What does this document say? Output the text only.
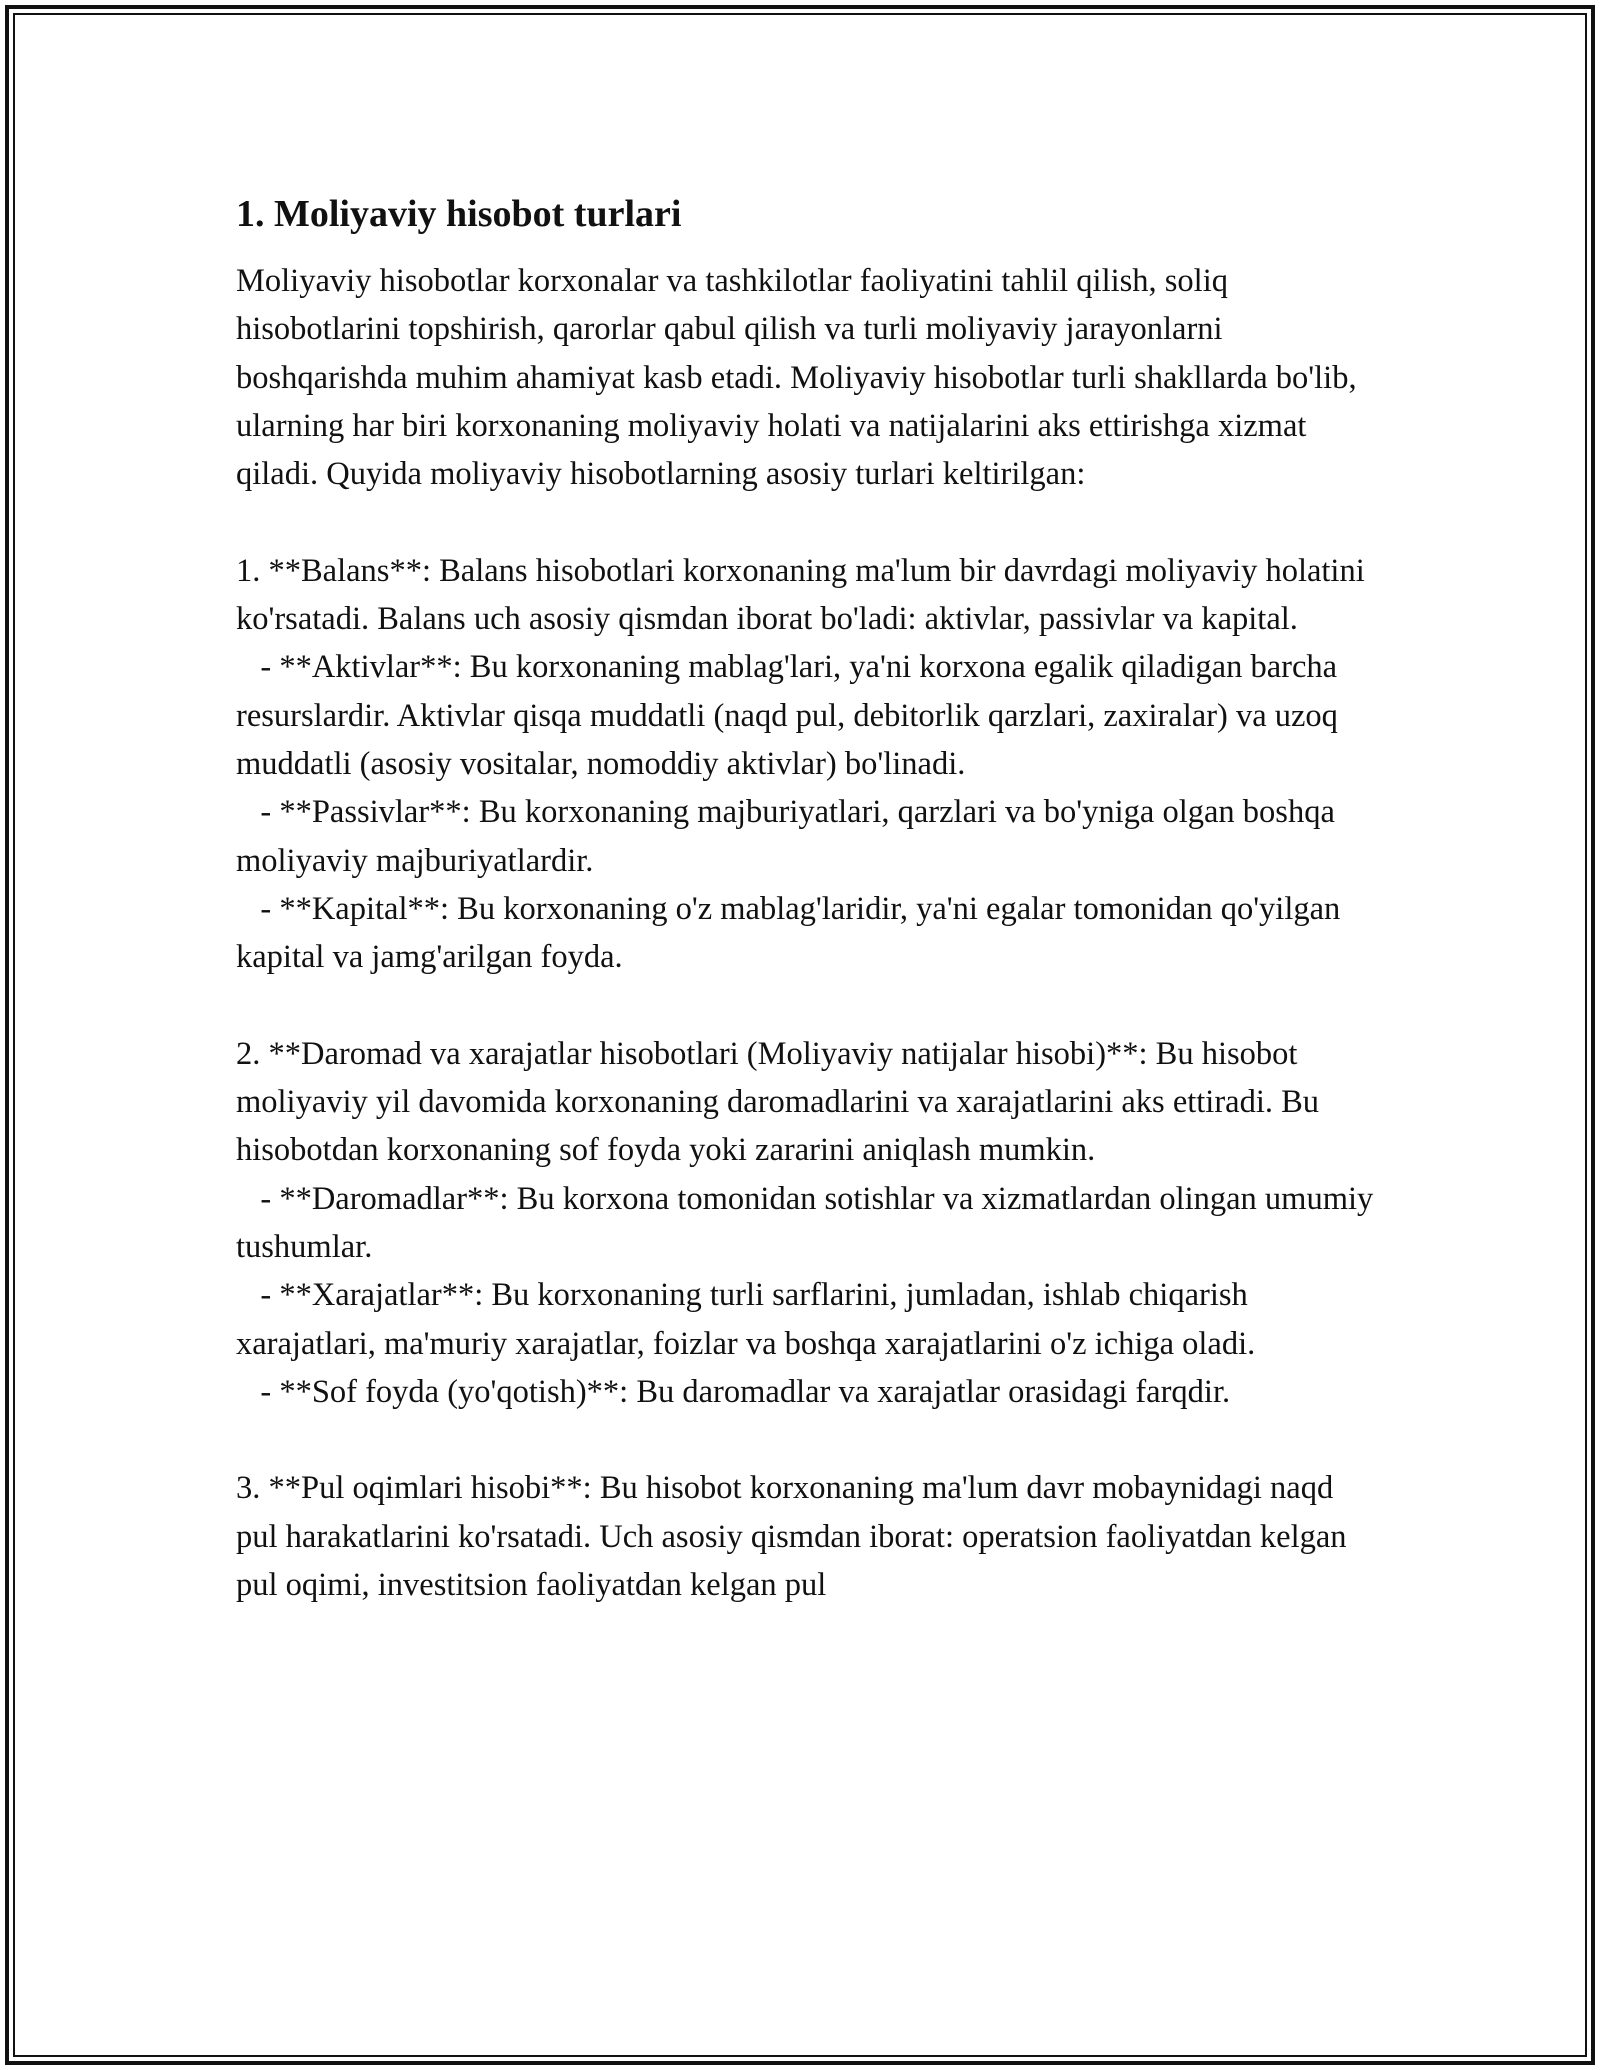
1. Moliyaviy hisobot turlari

Moliyaviy hisobotlar korxonalar va tashkilotlar faoliyatini tahlil qilish, soliq hisobotlarini topshirish, qarorlar qabul qilish va turli moliyaviy jarayonlarni boshqarishda muhim ahamiyat kasb etadi. Moliyaviy hisobotlar turli shakllarda bo'lib, ularning har biri korxonaning moliyaviy holati va natijalarini aks ettirishga xizmat qiladi. Quyida moliyaviy hisobotlarning asosiy turlari keltirilgan:

1. **Balans**: Balans hisobotlari korxonaning ma'lum bir davrdagi moliyaviy holatini ko'rsatadi. Balans uch asosiy qismdan iborat bo'ladi: aktivlar, passivlar va kapital.

- **Aktivlar**: Bu korxonaning mablag'lari, ya'ni korxona egalik qiladigan barcha resurslardir. Aktivlar qisqa muddatli (naqd pul, debitorlik qarzlari, zaxiralar) va uzoq muddatli (asosiy vositalar, nomoddiy aktivlar) bo'linadi.

- **Passivlar**: Bu korxonaning majburiyatlari, qarzlari va bo'yniga olgan boshqa moliyaviy majburiyatlardir.

- **Kapital**: Bu korxonaning o'z mablag'laridir, ya'ni egalar tomonidan qo'yilgan kapital va jamg'arilgan foyda.

2. **Daromad va xarajatlar hisobotlari (Moliyaviy natijalar hisobi)**: Bu hisobot moliyaviy yil davomida korxonaning daromadlarini va xarajatlarini aks ettiradi. Bu hisobotdan korxonaning sof foyda yoki zararini aniqlash mumkin.

- **Daromadlar**: Bu korxona tomonidan sotishlar va xizmatlardan olingan umumiy tushumlar.

- **Xarajatlar**: Bu korxonaning turli sarflarini, jumladan, ishlab chiqarish xarajatlari, ma'muriy xarajatlar, foizlar va boshqa xarajatlarini o'z ichiga oladi.

- **Sof foyda (yo'qotish)**: Bu daromadlar va xarajatlar orasidagi farqdir.

3. **Pul oqimlari hisobi**: Bu hisobot korxonaning ma'lum davr mobaynidagi naqd pul harakatlarini ko'rsatadi. Uch asosiy qismdan iborat: operatsion faoliyatdan kelgan pul oqimi, investitsion faoliyatdan kelgan pul
